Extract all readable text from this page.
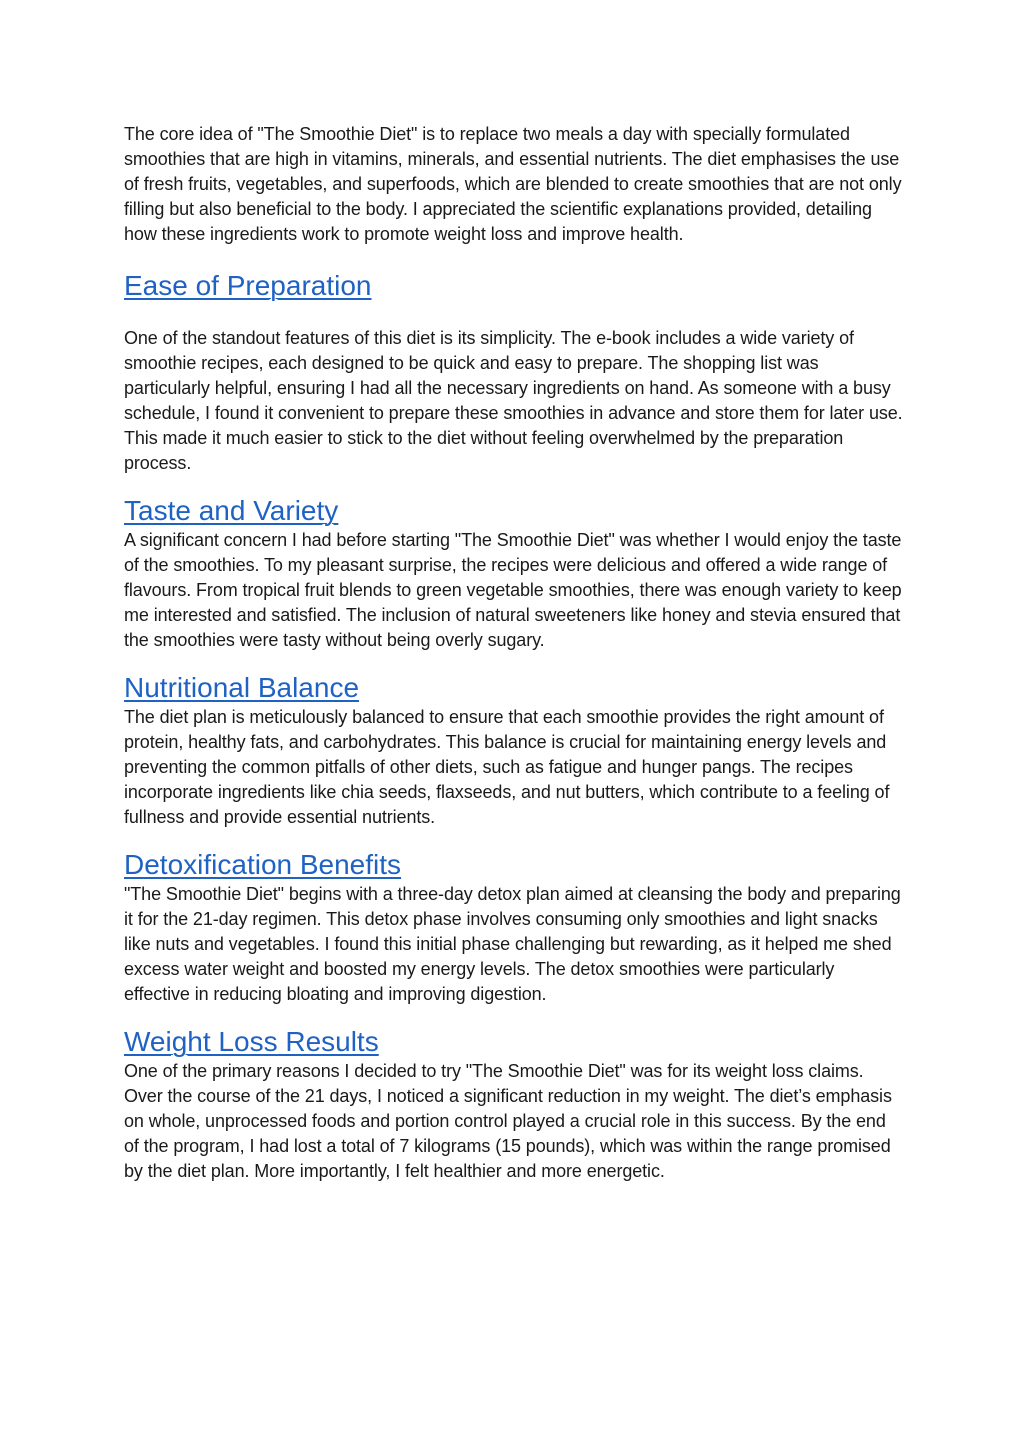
The core idea of "The Smoothie Diet" is to replace two meals a day with specially formulated smoothies that are high in vitamins, minerals, and essential nutrients. The diet emphasises the use of fresh fruits, vegetables, and superfoods, which are blended to create smoothies that are not only filling but also beneficial to the body. I appreciated the scientific explanations provided, detailing how these ingredients work to promote weight loss and improve health.

Ease of Preparation

One of the standout features of this diet is its simplicity. The e-book includes a wide variety of smoothie recipes, each designed to be quick and easy to prepare. The shopping list was particularly helpful, ensuring I had all the necessary ingredients on hand. As someone with a busy schedule, I found it convenient to prepare these smoothies in advance and store them for later use. This made it much easier to stick to the diet without feeling overwhelmed by the preparation process.

Taste and Variety

A significant concern I had before starting "The Smoothie Diet" was whether I would enjoy the taste of the smoothies. To my pleasant surprise, the recipes were delicious and offered a wide range of flavours. From tropical fruit blends to green vegetable smoothies, there was enough variety to keep me interested and satisfied. The inclusion of natural sweeteners like honey and stevia ensured that the smoothies were tasty without being overly sugary.

Nutritional Balance

The diet plan is meticulously balanced to ensure that each smoothie provides the right amount of protein, healthy fats, and carbohydrates. This balance is crucial for maintaining energy levels and preventing the common pitfalls of other diets, such as fatigue and hunger pangs. The recipes incorporate ingredients like chia seeds, flaxseeds, and nut butters, which contribute to a feeling of fullness and provide essential nutrients.

Detoxification Benefits

"The Smoothie Diet" begins with a three-day detox plan aimed at cleansing the body and preparing it for the 21-day regimen. This detox phase involves consuming only smoothies and light snacks like nuts and vegetables. I found this initial phase challenging but rewarding, as it helped me shed excess water weight and boosted my energy levels. The detox smoothies were particularly effective in reducing bloating and improving digestion.

Weight Loss Results

One of the primary reasons I decided to try "The Smoothie Diet" was for its weight loss claims. Over the course of the 21 days, I noticed a significant reduction in my weight. The diet’s emphasis on whole, unprocessed foods and portion control played a crucial role in this success. By the end of the program, I had lost a total of 7 kilograms (15 pounds), which was within the range promised by the diet plan. More importantly, I felt healthier and more energetic.
